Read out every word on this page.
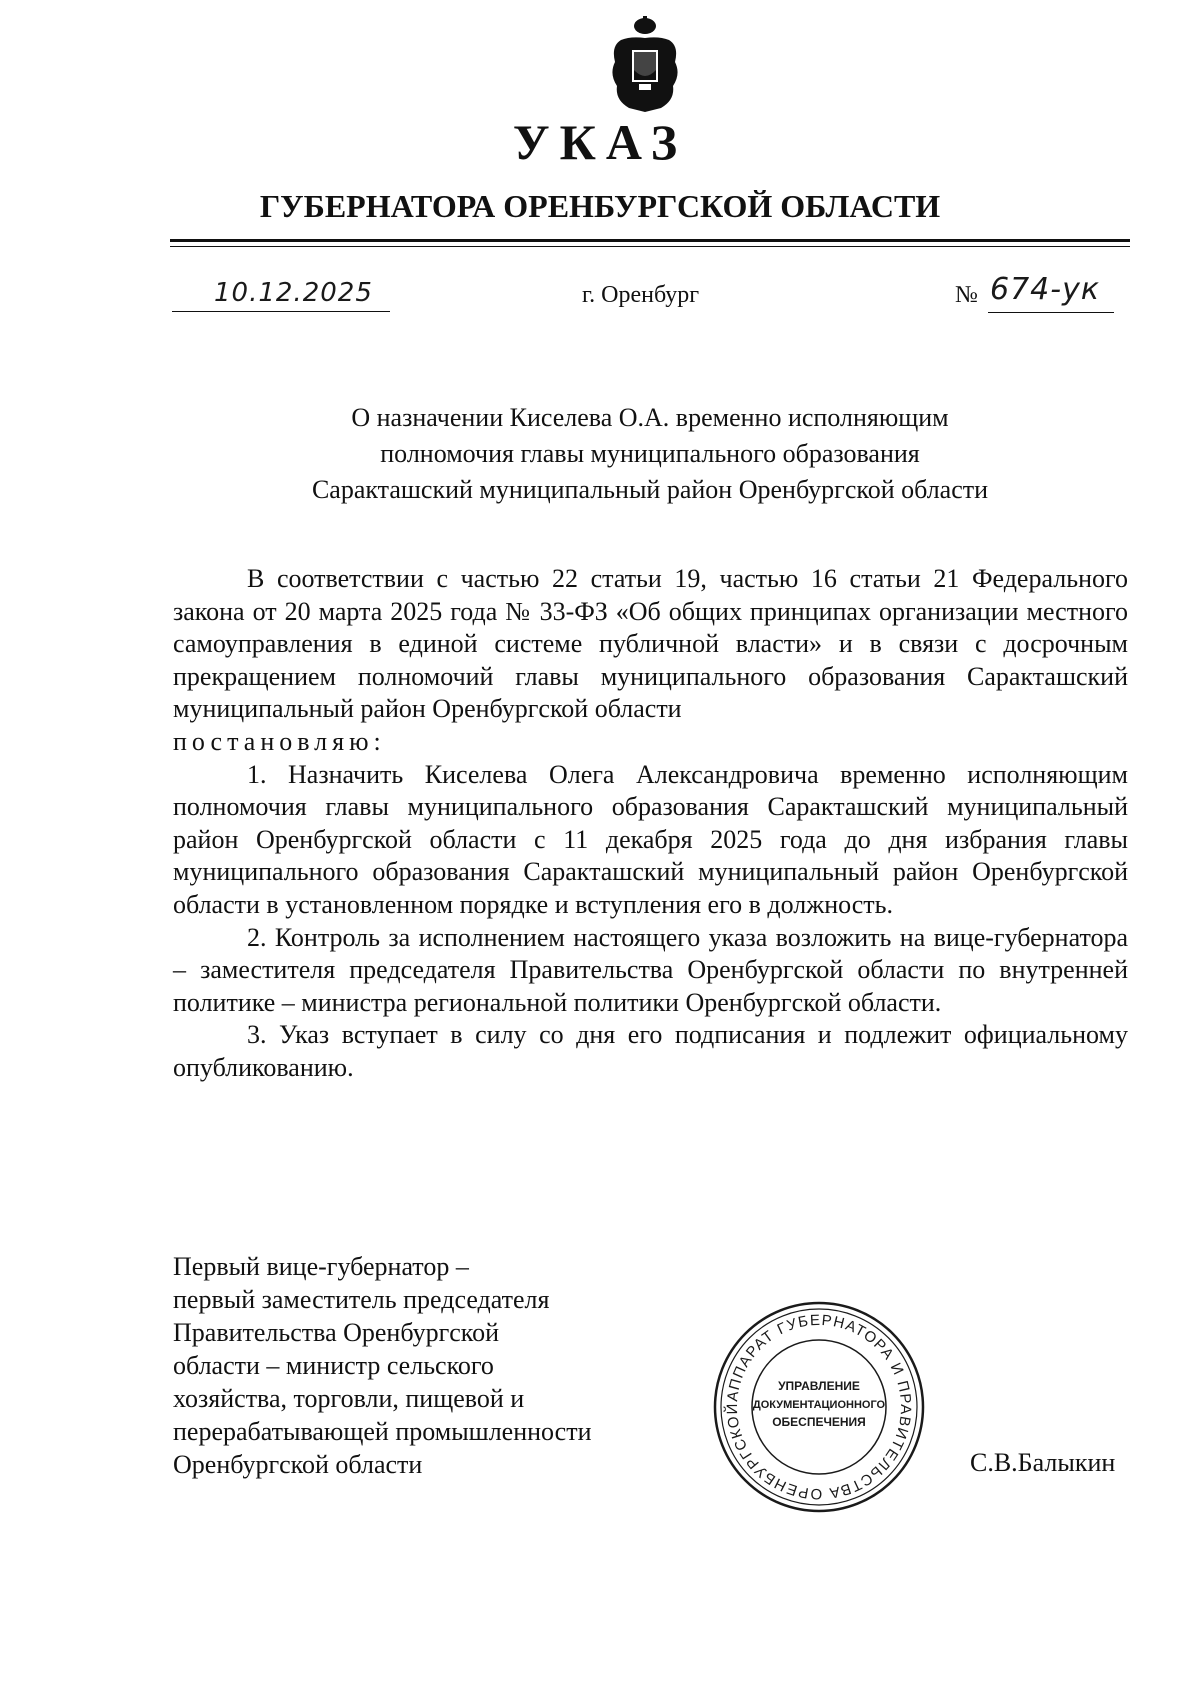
УКАЗ
ГУБЕРНАТОРА ОРЕНБУРГСКОЙ ОБЛАСТИ
10.12.2025	г. Оренбург	№ 674-ук
О назначении Киселева О.А. временно исполняющим
полномочия главы муниципального образования
Саракташский муниципальный район Оренбургской области

В соответствии с частью 22 статьи 19, частью 16 статьи 21 Федерального закона от 20 марта 2025 года № 33-ФЗ «Об общих принципах организации местного самоуправления в единой системе публичной власти» и в связи с досрочным прекращением полномочий главы муниципального образования Саракташский муниципальный район Оренбургской области

постановляю:

1. Назначить Киселева Олега Александровича временно исполняющим полномочия главы муниципального образования Саракташский муниципальный район Оренбургской области с 11 декабря 2025 года до дня избрания главы муниципального образования Саракташский муниципальный район Оренбургской области в установленном порядке и вступления его в должность.

2. Контроль за исполнением настоящего указа возложить на вице-губернатора – заместителя председателя Правительства Оренбургской области по внутренней политике – министра региональной политики Оренбургской области.

3. Указ вступает в силу со дня его подписания и подлежит официальному опубликованию.

Первый вице-губернатор –
первый заместитель председателя
Правительства Оренбургской
области – министр сельского
хозяйства, торговли, пищевой и
перерабатывающей промышленности
Оренбургской области	С.В.Балыкин
АППАРАТ ГУБЕРНАТОРА И ПРАВИТЕЛЬСТВА ОРЕНБУРГСКОЙ
УПРАВЛЕНИЕ
ДОКУМЕНТАЦИОННОГО
ОБЕСПЕЧЕНИЯ
